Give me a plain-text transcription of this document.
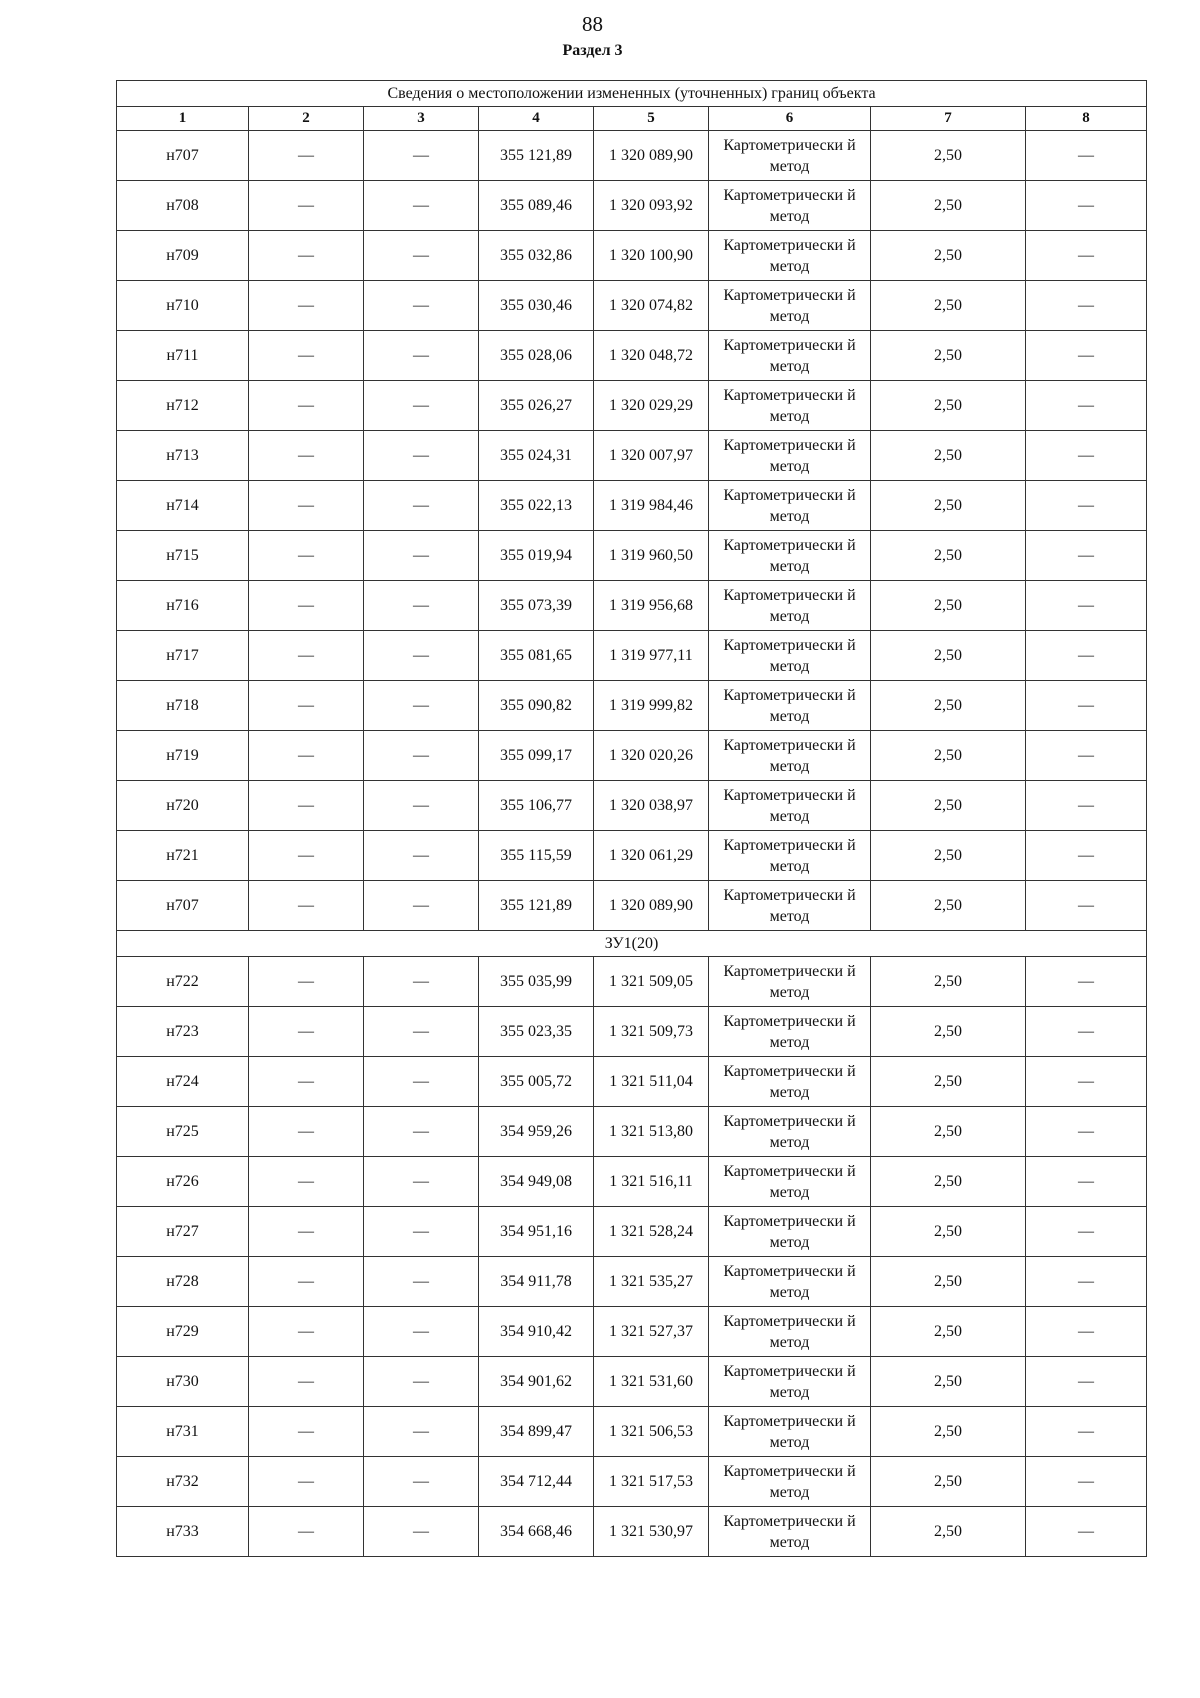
88
Раздел 3
Сведения о местоположении измененных (уточненных) границ объекта							
1	2	3	4	5	6	7	8
н707	—	—	355 121,89	1 320 089,90	Картометрически й метод	2,50	—
н708	—	—	355 089,46	1 320 093,92	Картометрически й метод	2,50	—
н709	—	—	355 032,86	1 320 100,90	Картометрически й метод	2,50	—
н710	—	—	355 030,46	1 320 074,82	Картометрически й метод	2,50	—
н711	—	—	355 028,06	1 320 048,72	Картометрически й метод	2,50	—
н712	—	—	355 026,27	1 320 029,29	Картометрически й метод	2,50	—
н713	—	—	355 024,31	1 320 007,97	Картометрически й метод	2,50	—
н714	—	—	355 022,13	1 319 984,46	Картометрически й метод	2,50	—
н715	—	—	355 019,94	1 319 960,50	Картометрически й метод	2,50	—
н716	—	—	355 073,39	1 319 956,68	Картометрически й метод	2,50	—
н717	—	—	355 081,65	1 319 977,11	Картометрически й метод	2,50	—
н718	—	—	355 090,82	1 319 999,82	Картометрически й метод	2,50	—
н719	—	—	355 099,17	1 320 020,26	Картометрически й метод	2,50	—
н720	—	—	355 106,77	1 320 038,97	Картометрически й метод	2,50	—
н721	—	—	355 115,59	1 320 061,29	Картометрически й метод	2,50	—
н707	—	—	355 121,89	1 320 089,90	Картометрически й метод	2,50	—
ЗУ1(20)							
н722	—	—	355 035,99	1 321 509,05	Картометрически й метод	2,50	—
н723	—	—	355 023,35	1 321 509,73	Картометрически й метод	2,50	—
н724	—	—	355 005,72	1 321 511,04	Картометрически й метод	2,50	—
н725	—	—	354 959,26	1 321 513,80	Картометрически й метод	2,50	—
н726	—	—	354 949,08	1 321 516,11	Картометрически й метод	2,50	—
н727	—	—	354 951,16	1 321 528,24	Картометрически й метод	2,50	—
н728	—	—	354 911,78	1 321 535,27	Картометрически й метод	2,50	—
н729	—	—	354 910,42	1 321 527,37	Картометрически й метод	2,50	—
н730	—	—	354 901,62	1 321 531,60	Картометрически й метод	2,50	—
н731	—	—	354 899,47	1 321 506,53	Картометрически й метод	2,50	—
н732	—	—	354 712,44	1 321 517,53	Картометрически й метод	2,50	—
н733	—	—	354 668,46	1 321 530,97	Картометрически й метод	2,50	—
